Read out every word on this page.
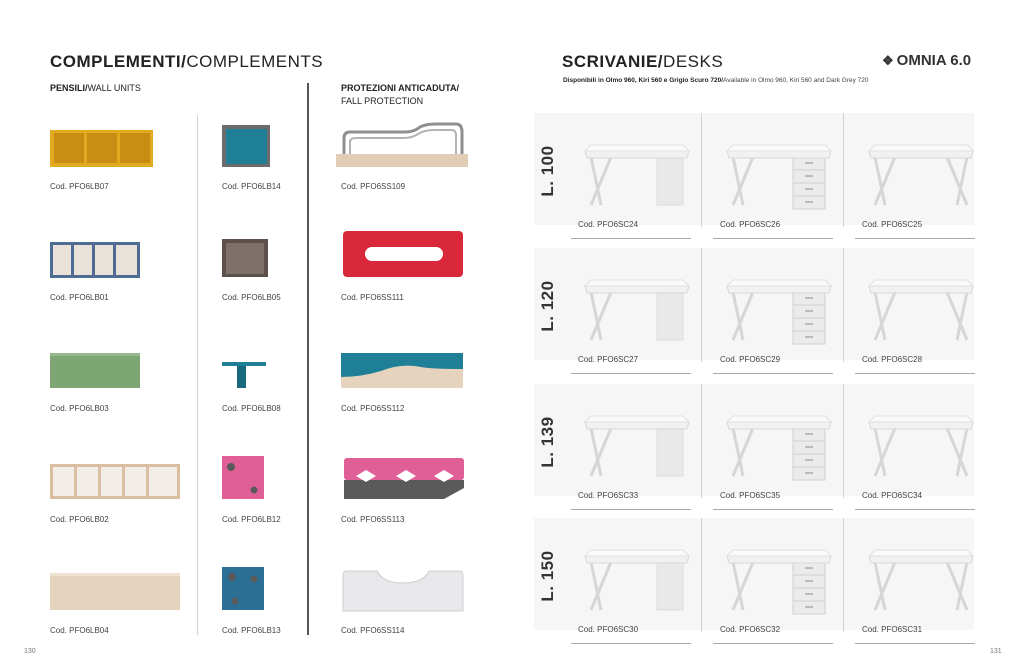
COMPLEMENTI/COMPLEMENTS
PENSILI/WALL UNITS	PROTEZIONI ANTICADUTA/
FALL PROTECTION
Cod. PFO6LB07
Cod. PFO6LB01
Cod. PFO6LB03
Cod. PFO6LB02
Cod. PFO6LB04
Cod. PFO6LB14
Cod. PFO6LB05
Cod. PFO6LB08
Cod. PFO6LB12
Cod. PFO6LB13
Cod. PFO6SS109
Cod. PFO6SS111
Cod. PFO6SS112
Cod. PFO6SS113
Cod. PFO6SS114
130
SCRIVANIE/DESKS	❖ OMNIA 6.0
Disponibili in Olmo 960, Kiri 560 e Grigio Scuro 720/Available in Olmo 960, Kiri 560 and Dark Grey 720
L. 100
Cod. PFO6SC24	Cod. PFO6SC26	Cod. PFO6SC25
L. 120
Cod. PFO6SC27	Cod. PFO6SC29	Cod. PFO6SC28
L. 139
Cod. PFO6SC33	Cod. PFO6SC35	Cod. PFO6SC34
L. 150
Cod. PFO6SC30	Cod. PFO6SC32	Cod. PFO6SC31
131
